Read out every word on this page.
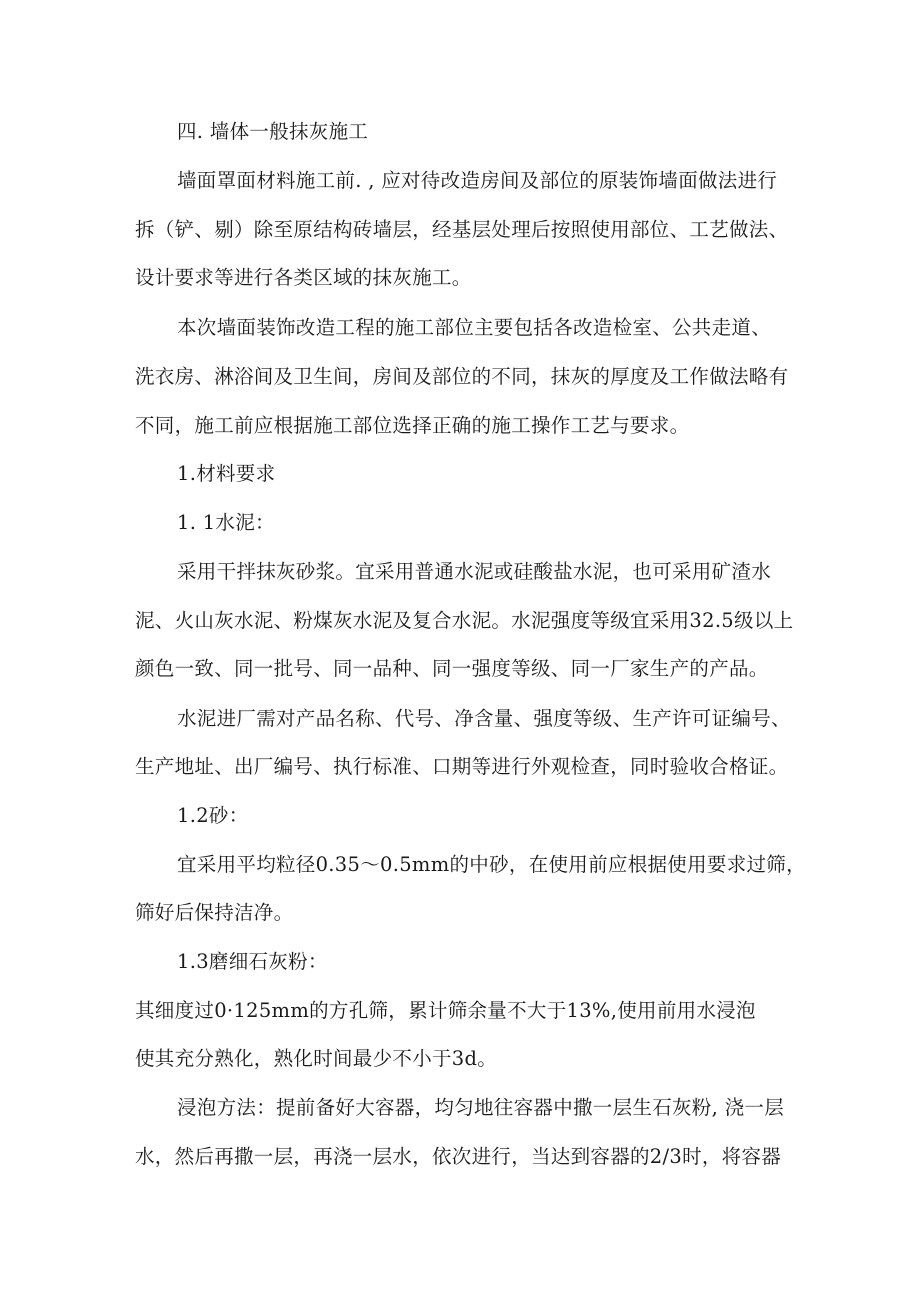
四. 墙体一般抹灰施工
墙面罩面材料施工前. , 应对待改造房间及部位的原装饰墙面做法进行
拆（铲、剔）除至原结构砖墙层，经基层处理后按照使用部位、工艺做法、
设计要求等进行各类区域的抹灰施工。
本次墙面装饰改造工程的施工部位主要包括各改造检室、公共走道、
洗衣房、淋浴间及卫生间，房间及部位的不同，抹灰的厚度及工作做法略有
不同，施工前应根据施工部位选择正确的施工操作工艺与要求。
1.材料要求
1. 1水泥：
采用干拌抹灰砂浆。宜采用普通水泥或硅酸盐水泥，也可采用矿渣水
泥、火山灰水泥、粉煤灰水泥及复合水泥。水泥强度等级宜采用32.5级以上
颜色一致、同一批号、同一品种、同一强度等级、同一厂家生产的产品。
水泥进厂需对产品名称、代号、净含量、强度等级、生产许可证编号、
生产地址、出厂编号、执行标准、口期等进行外观检查，同时验收合格证。
1.2砂：
宜采用平均粒径0.35〜0.5mm的中砂，在使用前应根据使用要求过筛，
筛好后保持洁净。
1.3磨细石灰粉：
其细度过0·125mm的方孔筛，累计筛余量不大于13%,使用前用水浸泡
使其充分熟化，熟化时间最少不小于3d。
浸泡方法：提前备好大容器，均匀地往容器中撒一层生石灰粉, 浇一层
水，然后再撒一层，再浇一层水，依次进行，当达到容器的2/3时，将容器
